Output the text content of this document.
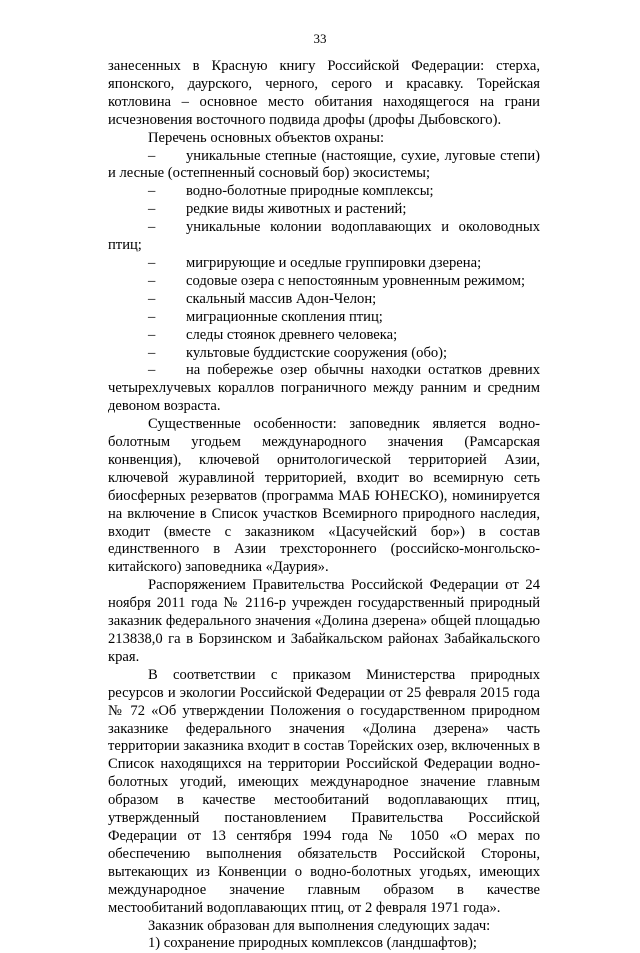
33

занесенных в Красную книгу Российской Федерации: стерха, японского, даурского, черного, серого и красавку. Торейская котловина – основное место обитания находящегося на грани исчезновения восточного подвида дрофы (дрофы Дыбовского).

Перечень основных объектов охраны:

– уникальные степные (настоящие, сухие, луговые степи) и лесные (остепненный сосновый бор) экосистемы;

– водно-болотные природные комплексы;

– редкие виды животных и растений;

– уникальные колонии водоплавающих и околоводных птиц;

– мигрирующие и оседлые группировки дзерена;

– содовые озера с непостоянным уровненным режимом;

– скальный массив Адон-Челон;

– миграционные скопления птиц;

– следы стоянок древнего человека;

– культовые буддистские сооружения (обо);

– на побережье озер обычны находки остатков древних четырехлучевых кораллов пограничного между ранним и средним девоном возраста.

Существенные особенности: заповедник является водно-болотным угодьем международного значения (Рамсарская конвенция), ключевой орнитологической территорией Азии, ключевой журавлиной территорией, входит во всемирную сеть биосферных резерватов (программа МАБ ЮНЕСКО), номинируется на включение в Список участков Всемирного природного наследия, входит (вместе с заказником «Цасучейский бор») в состав единственного в Азии трехстороннего (российско-монгольско-китайского) заповедника «Даурия».

Распоряжением Правительства Российской Федерации от 24 ноября 2011 года № 2116-р учрежден государственный природный заказник федерального значения «Долина дзерена» общей площадью 213838,0 га в Борзинском и Забайкальском районах Забайкальского края.

В соответствии с приказом Министерства природных ресурсов и экологии Российской Федерации от 25 февраля 2015 года № 72 «Об утверждении Положения о государственном природном заказнике федерального значения «Долина дзерена» часть территории заказника входит в состав Торейских озер, включенных в Список находящихся на территории Российской Федерации водно-болотных угодий, имеющих международное значение главным образом в качестве местообитаний водоплавающих птиц, утвержденный постановлением Правительства Российской Федерации от 13 сентября 1994 года № 1050 «О мерах по обеспечению выполнения обязательств Российской Стороны, вытекающих из Конвенции о водно-болотных угодьях, имеющих международное значение главным образом в качестве местообитаний водоплавающих птиц, от 2 февраля 1971 года».

Заказник образован для выполнения следующих задач:

1) сохранение природных комплексов (ландшафтов);
